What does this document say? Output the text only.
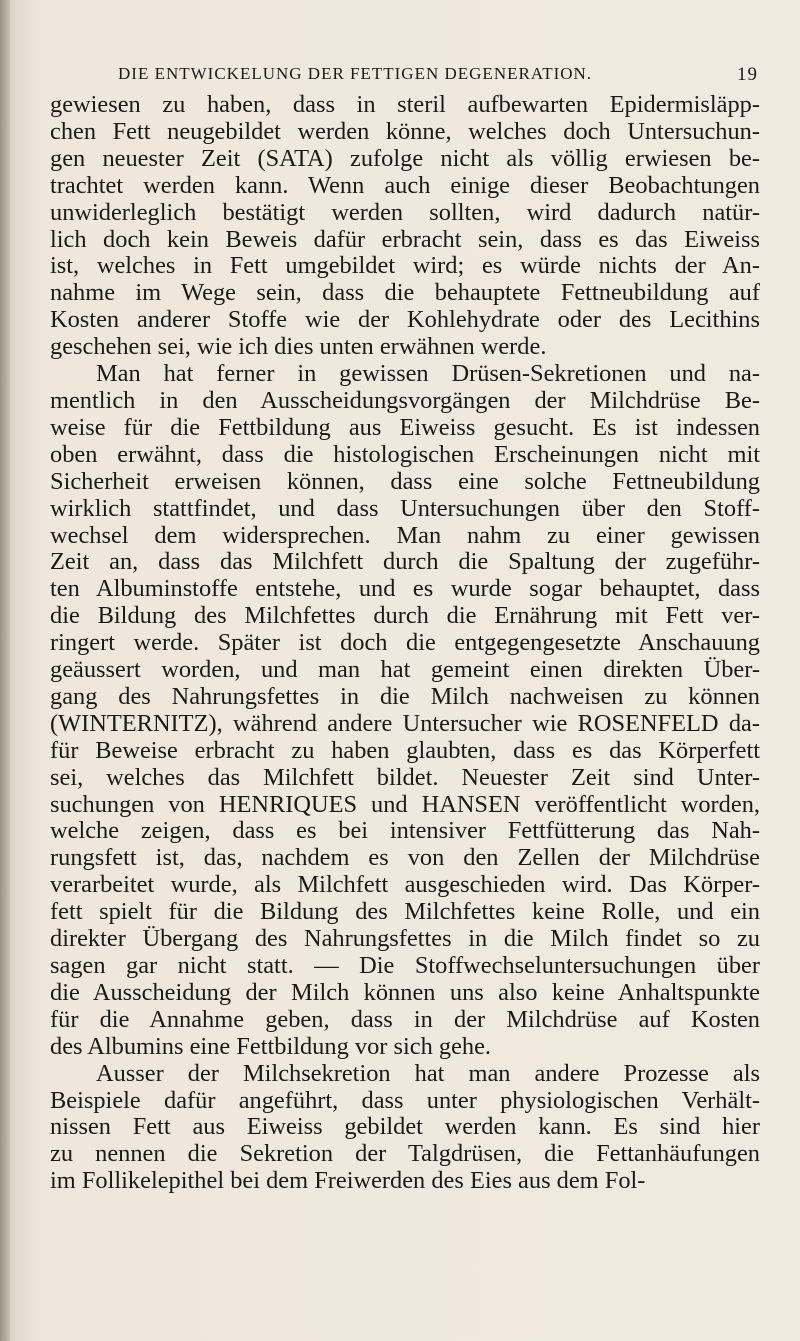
DIE ENTWICKELUNG DER FETTIGEN DEGENERATION.	19

gewiesen zu haben, dass in steril aufbewarten Epidermisläpp-
chen Fett neugebildet werden könne, welches doch Untersuchun-
gen neuester Zeit (SATA) zufolge nicht als völlig erwiesen be-
trachtet werden kann. Wenn auch einige dieser Beobachtungen
unwiderleglich bestätigt werden sollten, wird dadurch natür-
lich doch kein Beweis dafür erbracht sein, dass es das Eiweiss
ist, welches in Fett umgebildet wird; es würde nichts der An-
nahme im Wege sein, dass die behauptete Fettneubildung auf
Kosten anderer Stoffe wie der Kohlehydrate oder des Lecithins
geschehen sei, wie ich dies unten erwähnen werde.

Man hat ferner in gewissen Drüsen-Sekretionen und na-
mentlich in den Ausscheidungsvorgängen der Milchdrüse Be-
weise für die Fettbildung aus Eiweiss gesucht. Es ist indessen
oben erwähnt, dass die histologischen Erscheinungen nicht mit
Sicherheit erweisen können, dass eine solche Fettneubildung
wirklich stattfindet, und dass Untersuchungen über den Stoff-
wechsel dem widersprechen. Man nahm zu einer gewissen
Zeit an, dass das Milchfett durch die Spaltung der zugeführ-
ten Albuminstoffe entstehe, und es wurde sogar behauptet, dass
die Bildung des Milchfettes durch die Ernährung mit Fett ver-
ringert werde. Später ist doch die entgegengesetzte Anschauung
geäussert worden, und man hat gemeint einen direkten Über-
gang des Nahrungsfettes in die Milch nachweisen zu können
(WINTERNITZ), während andere Untersucher wie ROSENFELD da-
für Beweise erbracht zu haben glaubten, dass es das Körperfett
sei, welches das Milchfett bildet. Neuester Zeit sind Unter-
suchungen von HENRIQUES und HANSEN veröffentlicht worden,
welche zeigen, dass es bei intensiver Fettfütterung das Nah-
rungsfett ist, das, nachdem es von den Zellen der Milchdrüse
verarbeitet wurde, als Milchfett ausgeschieden wird. Das Körper-
fett spielt für die Bildung des Milchfettes keine Rolle, und ein
direkter Übergang des Nahrungsfettes in die Milch findet so zu
sagen gar nicht statt. — Die Stoffwechseluntersuchungen über
die Ausscheidung der Milch können uns also keine Anhaltspunkte
für die Annahme geben, dass in der Milchdrüse auf Kosten
des Albumins eine Fettbildung vor sich gehe.

Ausser der Milchsekretion hat man andere Prozesse als
Beispiele dafür angeführt, dass unter physiologischen Verhält-
nissen Fett aus Eiweiss gebildet werden kann. Es sind hier
zu nennen die Sekretion der Talgdrüsen, die Fettanhäufungen
im Follikelepithel bei dem Freiwerden des Eies aus dem Fol-
